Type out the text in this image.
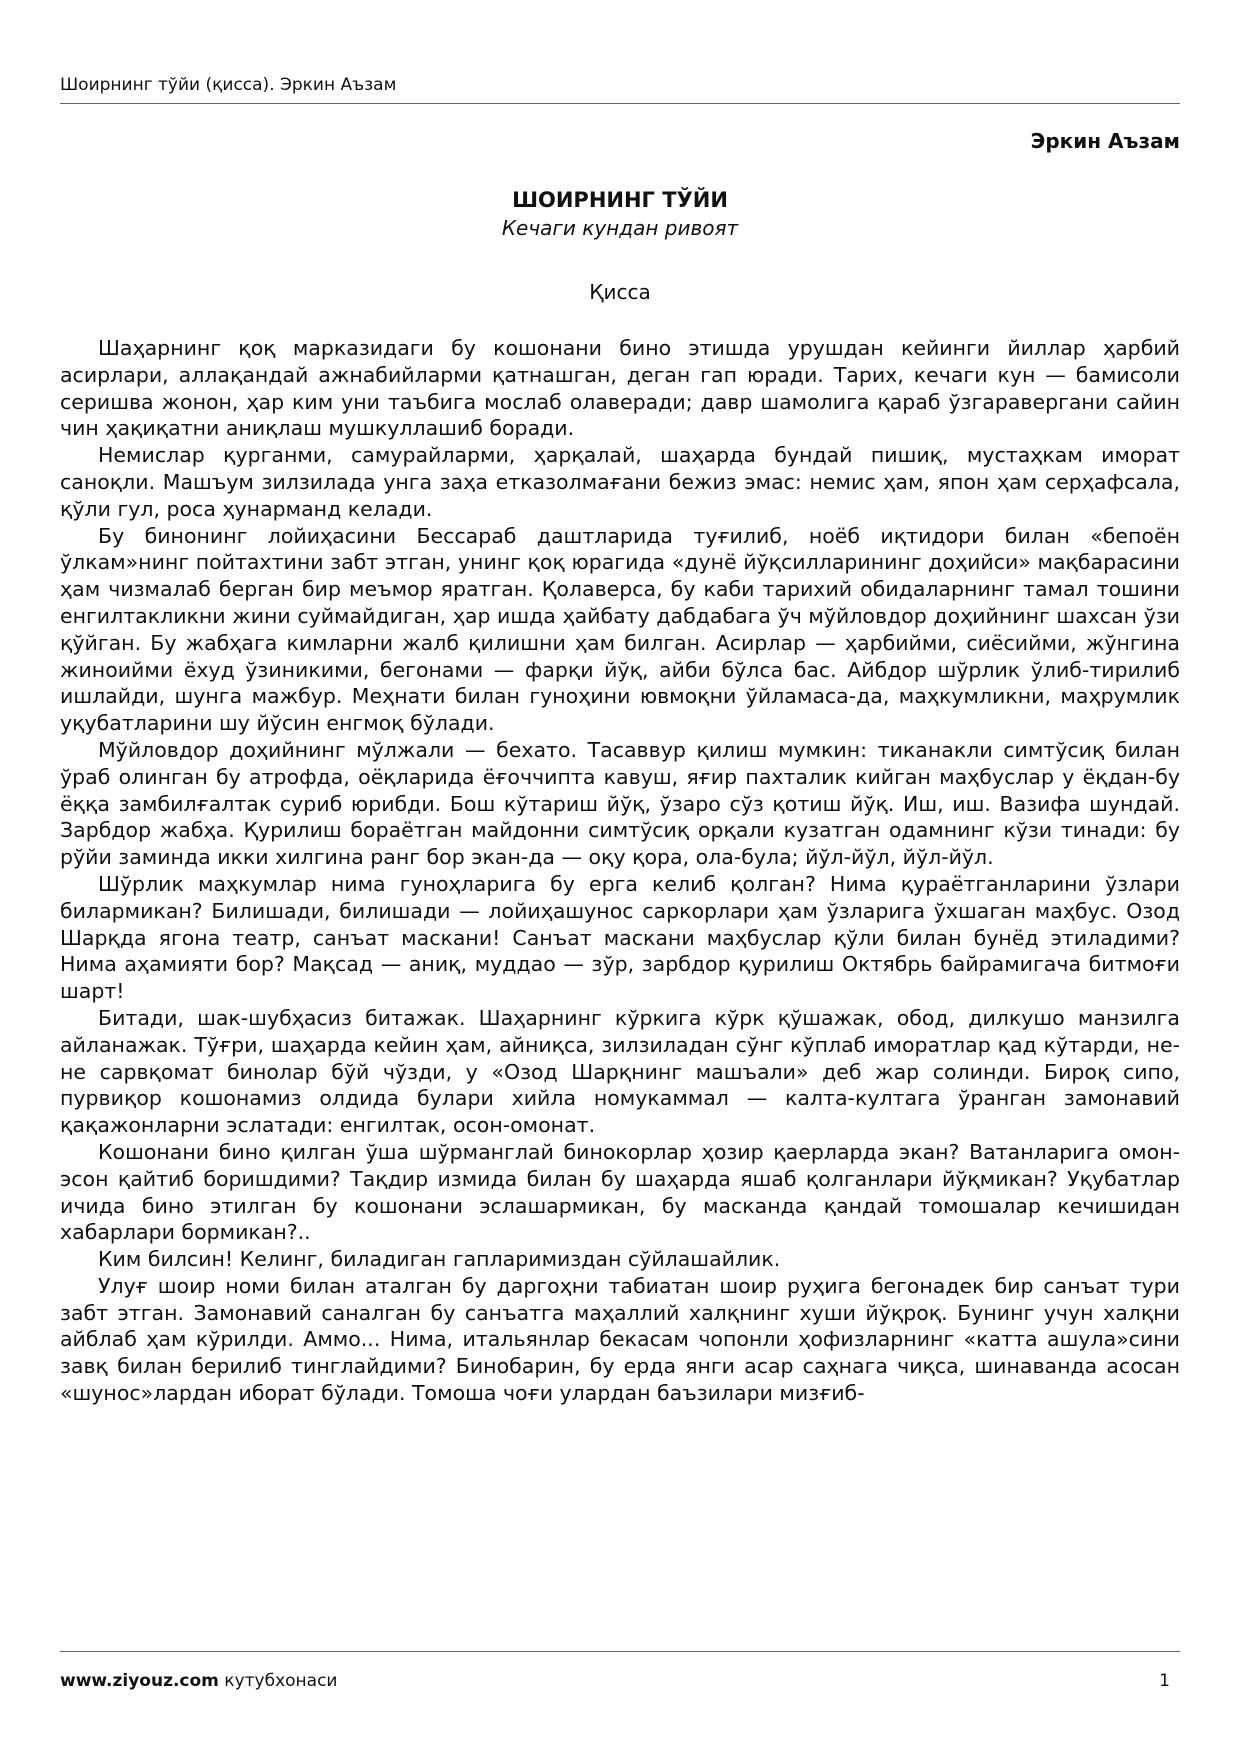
Шоирнинг тўйи (қисса). Эркин Аъзам
Эркин Аъзам
ШОИРНИНГ ТЎЙИ
Кечаги кундан ривоят
Қисса

Шаҳарнинг қоқ марказидаги бу кошонани бино этишда урушдан кейинги йиллар ҳарбий асирлари, аллақандай ажнабийларми қатнашган, деган гап юради. Тарих, кечаги кун — бамисоли серишва жонон, ҳар ким уни таъбига мослаб олаверади; давр шамолига қараб ўзгаравергани сайин чин ҳақиқатни аниқлаш мушкуллашиб боради.

Немислар қурганми, самурайларми, ҳарқалай, шаҳарда бундай пишиқ, мустаҳкам иморат саноқли. Машъум зилзилада унга заҳа етказолмағани бежиз эмас: немис ҳам, япон ҳам серҳафсала, қўли гул, роса ҳунарманд келади.

Бу бинонинг лойиҳасини Бессараб даштларида туғилиб, ноёб иқтидори билан «бепоён ўлкам»нинг пойтахтини забт этган, унинг қоқ юрагида «дунё йўқсилларининг доҳийси» мақбарасини ҳам чизмалаб берган бир меъмор яратган. Қолаверса, бу каби тарихий обидаларнинг тамал тошини енгилтакликни жини суймайдиган, ҳар ишда ҳайбату дабдабага ўч мўйловдор доҳийнинг шахсан ўзи қўйган. Бу жабҳага кимларни жалб қилишни ҳам билган. Асирлар — ҳарбийми, сиёсийми, жўнгина жиноийми ёхуд ўзиникими, бегонами — фарқи йўқ, айби бўлса бас. Айбдор шўрлик ўлиб-тирилиб ишлайди, шунга мажбур. Меҳнати билан гуноҳини ювмоқни ўйламаса-да, маҳкумликни, маҳрумлик уқубатларини шу йўсин енгмоқ бўлади.

Мўйловдор доҳийнинг мўлжали — бехато. Тасаввур қилиш мумкин: тиканакли симтўсиқ билан ўраб олинган бу атрофда, оёқларида ёғоччипта кавуш, яғир пахталик кийган маҳбуслар у ёқдан-бу ёққа замбилғалтак суриб юрибди. Бош кўтариш йўқ, ўзаро сўз қотиш йўқ. Иш, иш. Вазифа шундай. Зарбдор жабҳа. Қурилиш бораётган майдонни симтўсиқ орқали кузатган одамнинг кўзи тинади: бу рўйи заминда икки хилгина ранг бор экан-да — оқу қора, ола-була; йўл-йўл, йўл-йўл.

Шўрлик маҳкумлар нима гуноҳларига бу ерга келиб қолган? Нима қураётганларини ўзлари билармикан? Билишади, билишади — лойиҳашунос саркорлари ҳам ўзларига ўхшаган маҳбус. Озод Шарқда ягона театр, санъат маскани! Санъат маскани маҳбуслар қўли билан бунёд этиладими? Нима аҳамияти бор? Мақсад — аниқ, муддао — зўр, зарбдор қурилиш Октябрь байрамигача битмоғи шарт!

Битади, шак-шубҳасиз битажак. Шаҳарнинг кўркига кўрк қўшажак, обод, дилкушо манзилга айланажак. Тўғри, шаҳарда кейин ҳам, айниқса, зилзиладан сўнг кўплаб иморатлар қад кўтарди, не-не сарвқомат бинолар бўй чўзди, у «Озод Шарқнинг машъали» деб жар солинди. Бироқ сипо, пурвиқор кошонамиз олдида булари хийла номукаммал — калта-култага ўранган замонавий қақажонларни эслатади: енгилтак, осон-омонат.

Кошонани бино қилган ўша шўрманглай бинокорлар ҳозир қаерларда экан? Ватанларига омон-эсон қайтиб боришдими? Тақдир измида билан бу шаҳарда яшаб қолганлари йўқмикан? Уқубатлар ичида бино этилган бу кошонани эслашармикан, бу масканда қандай томошалар кечишидан хабарлари бормикан?..

Ким билсин! Келинг, биладиган гапларимиздан сўйлашайлик.

Улуғ шоир номи билан аталган бу даргоҳни табиатан шоир руҳига бегонадек бир санъат тури забт этган. Замонавий саналган бу санъатга маҳаллий халқнинг хуши йўқроқ. Бунинг учун халқни айблаб ҳам кўрилди. Аммо... Нима, итальянлар бекасам чопонли ҳофизларнинг «катта ашула»сини завқ билан берилиб тинглайдими? Бинобарин, бу ерда янги асар саҳнага чиқса, шинаванда асосан «шунос»лардан иборат бўлади. Томоша чоғи улардан баъзилари мизғиб-

www.ziyouz.com кутубхонаси	1
